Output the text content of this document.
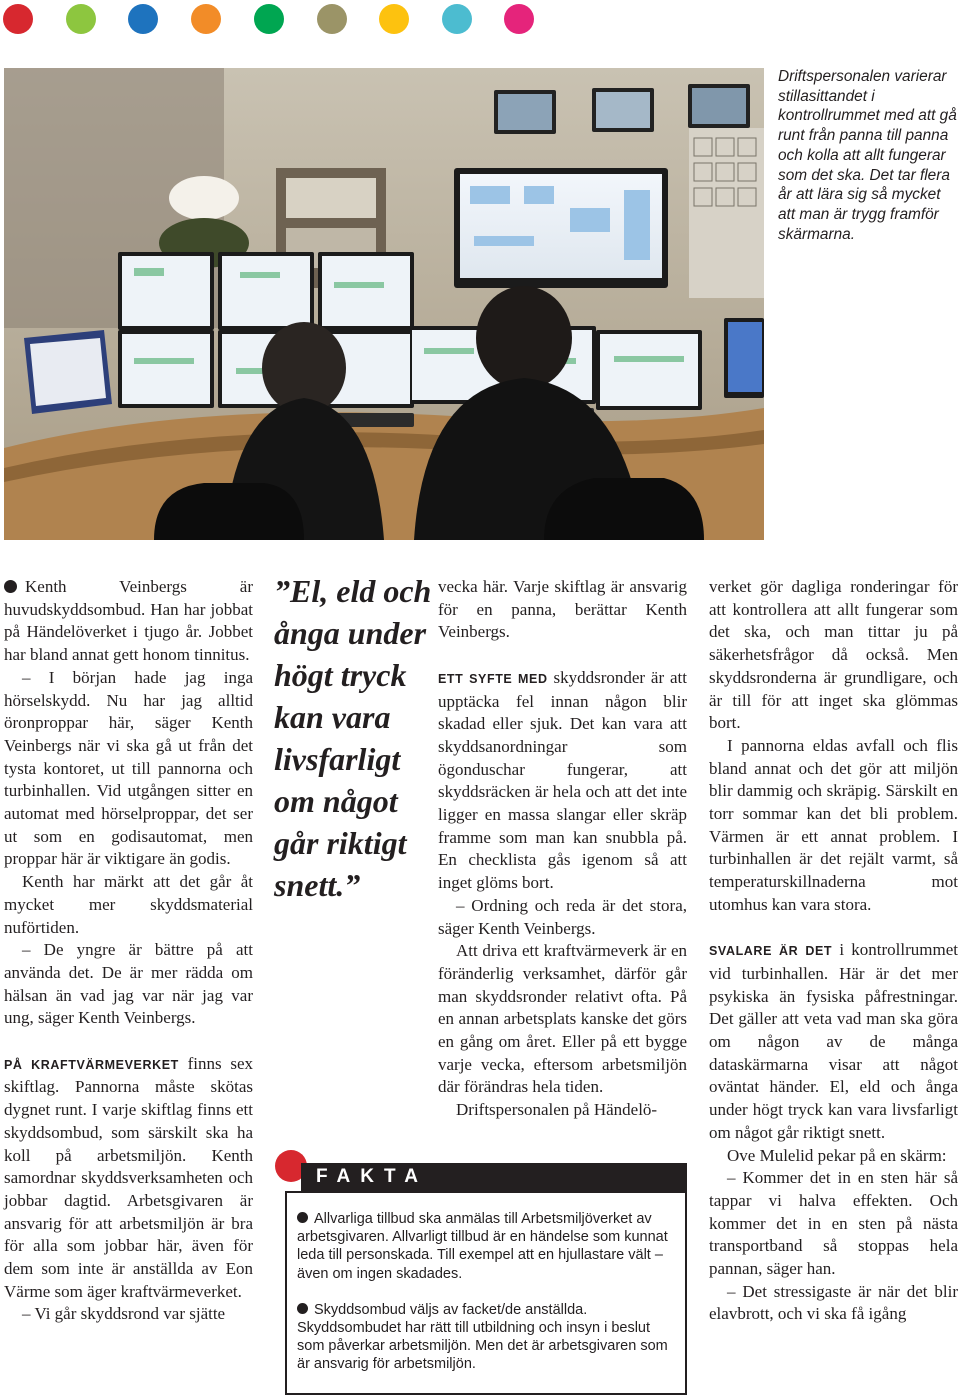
Driftspersonalen varierar stillasittandet i kontrollrummet med att gå runt från panna till panna och kolla att allt fungerar som det ska. Det tar flera år att lära sig så mycket att man är trygg framför skärmarna.

Kenth Veinbergs är huvudskyddsombud. Han har jobbat på Händelöverket i tjugo år. Jobbet har bland annat gett honom tinnitus.

– I början hade jag inga hörselskydd. Nu har jag alltid öronproppar här, säger Kenth Veinbergs när vi ska gå ut från det tysta kontoret, ut till pannorna och turbinhallen. Vid utgången sitter en automat med hörselproppar, det ser ut som en godisautomat, men proppar här är viktigare än godis.

Kenth har märkt att det går åt mycket mer skyddsmaterial nuförtiden.

– De yngre är bättre på att använda det. De är mer rädda om hälsan än vad jag var när jag var ung, säger Kenth Veinbergs.

PÅ KRAFTVÄRMEVERKET finns sex skiftlag. Pannorna måste skötas dygnet runt. I varje skiftlag finns ett skyddsombud, som särskilt ska ha koll på arbetsmiljön. Kenth samordnar skyddsverksamheten och jobbar dagtid. Arbetsgivaren är ansvarig för att arbetsmiljön är bra för alla som jobbar här, även för dem som inte är anställda av Eon Värme som äger kraftvärmeverket.

– Vi går skyddsrond var sjätte

”El, eld och ånga under högt tryck kan vara livsfarligt om något går riktigt snett.”

vecka här. Varje skiftlag är ansvarig för en panna, berättar Kenth Veinbergs.

ETT SYFTE MED skyddsronder är att upptäcka fel innan någon blir skadad eller sjuk. Det kan vara att skyddsanordningar som ögonduschar fungerar, att skyddsräcken är hela och att det inte ligger en massa slangar eller skräp framme som man kan snubbla på. En checklista gås igenom så att inget glöms bort.

– Ordning och reda är det stora, säger Kenth Veinbergs.

Att driva ett kraftvärmeverk är en föränderlig verksamhet, därför går man skyddsronder relativt ofta. På en annan arbetsplats kanske det görs en gång om året. Eller på ett bygge varje vecka, eftersom arbetsmiljön där förändras hela tiden.

Driftspersonalen på Händelö-

verket gör dagliga ronderingar för att kontrollera att allt fungerar som det ska, och man tittar ju på säkerhetsfrågor då också. Men skyddsronderna är grundligare, och är till för att inget ska glömmas bort.

I pannorna eldas avfall och flis bland annat och det gör att miljön blir dammig och skräpig. Särskilt en torr sommar kan det bli problem. Värmen är ett annat problem. I turbinhallen är det rejält varmt, så temperaturskillnaderna mot utomhus kan vara stora.

SVALARE ÄR DET i kontrollrummet vid turbinhallen. Här är det mer psykiska än fysiska påfrestningar. Det gäller att veta vad man ska göra om någon av de många dataskärmarna visar att något oväntat händer. El, eld och ånga under högt tryck kan vara livsfarligt om något går riktigt snett.

Ove Mulelid pekar på en skärm:

– Kommer det in en sten här så tappar vi halva effekten. Och kommer det in en sten på nästa transportband så stoppas hela pannan, säger han.

– Det stressigaste är när det blir elavbrott, och vi ska få igång

FAKTA

Allvarliga tillbud ska anmälas till Arbetsmiljöverket av arbetsgivaren. Allvarligt tillbud är en händelse som kunnat leda till personskada. Till exempel att en hjullastare vält – även om ingen skadades.

Skyddsombud väljs av facket/de anställda. Skyddsombudet har rätt till utbildning och insyn i beslut som påverkar arbetsmiljön. Men det är arbetsgivaren som är ansvarig för arbetsmiljön.
